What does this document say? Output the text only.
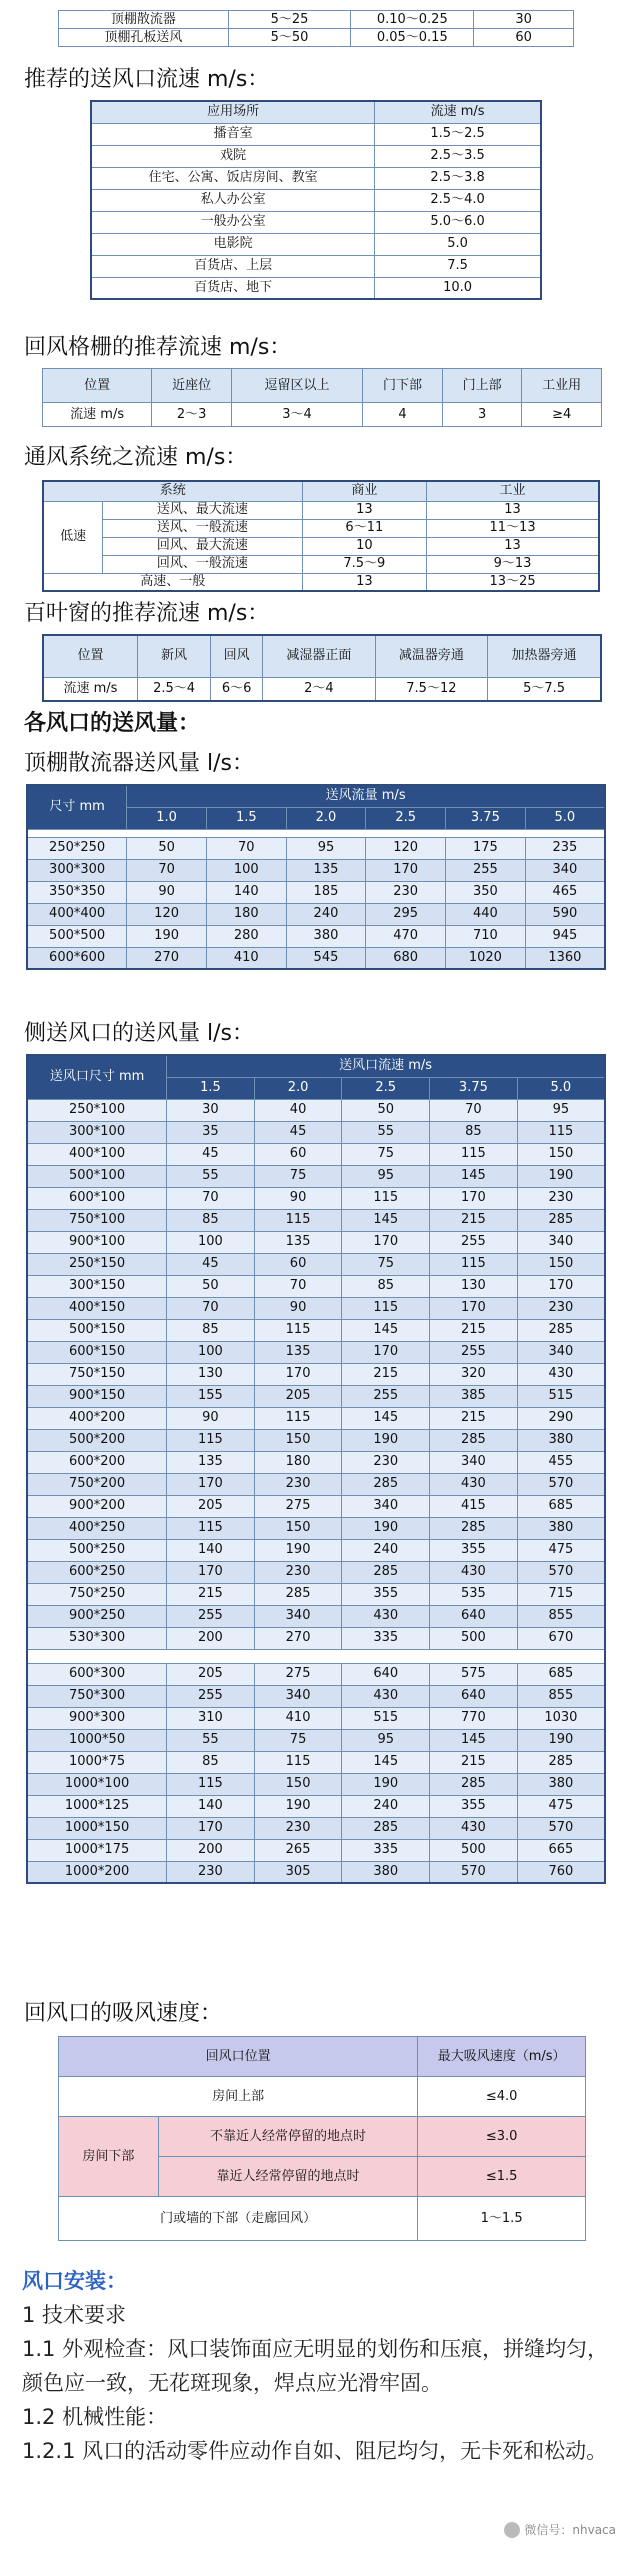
顶棚散流器	5～25	0.10～0.25	30
顶棚孔板送风	5～50	0.05～0.15	60
推荐的送风口流速 m/s：
应用场所	流速 m/s
播音室	1.5～2.5
戏院	2.5～3.5
住宅、公寓、饭店房间、教室	2.5～3.8
私人办公室	2.5～4.0
一般办公室	5.0～6.0
电影院	5.0
百货店、上层	7.5
百货店、地下	10.0
回风格栅的推荐流速 m/s：
位置	近座位	逗留区以上	门下部	门上部	工业用
流速 m/s	2～3	3～4	4	3	≥4
通风系统之流速 m/s：
系统		商业	工业
低速	送风、最大流速	13	13
	送风、一般流速	6～11	11～13
	回风、最大流速	10	13
	回风、一般流速	7.5～9	9～13
高速、一般		13	13～25
百叶窗的推荐流速 m/s：
位置	新风	回风	减湿器正面	减温器旁通	加热器旁通
流速 m/s	2.5～4	6～6	2～4	7.5～12	5～7.5
各风口的送风量：
顶棚散流器送风量 l/s：
尺寸 mm	送风流量 m/s					
	1.0	1.5	2.0	2.5	3.75	5.0

250*250	50	70	95	120	175	235
300*300	70	100	135	170	255	340
350*350	90	140	185	230	350	465
400*400	120	180	240	295	440	590
500*500	190	280	380	470	710	945
600*600	270	410	545	680	1020	1360
侧送风口的送风量 l/s：
送风口尺寸 mm	送风口流速 m/s				
	1.5	2.0	2.5	3.75	5.0
250*100	30	40	50	70	95
300*100	35	45	55	85	115
400*100	45	60	75	115	150
500*100	55	75	95	145	190
600*100	70	90	115	170	230
750*100	85	115	145	215	285
900*100	100	135	170	255	340
250*150	45	60	75	115	150
300*150	50	70	85	130	170
400*150	70	90	115	170	230
500*150	85	115	145	215	285
600*150	100	135	170	255	340
750*150	130	170	215	320	430
900*150	155	205	255	385	515
400*200	90	115	145	215	290
500*200	115	150	190	285	380
600*200	135	180	230	340	455
750*200	170	230	285	430	570
900*200	205	275	340	415	685
400*250	115	150	190	285	380
500*250	140	190	240	355	475
600*250	170	230	285	430	570
750*250	215	285	355	535	715
900*250	255	340	430	640	855
530*300	200	270	335	500	670

600*300	205	275	640	575	685
750*300	255	340	430	640	855
900*300	310	410	515	770	1030
1000*50	55	75	95	145	190
1000*75	85	115	145	215	285
1000*100	115	150	190	285	380
1000*125	140	190	240	355	475
1000*150	170	230	285	430	570
1000*175	200	265	335	500	665
1000*200	230	305	380	570	760
回风口的吸风速度：
回风口位置		最大吸风速度（m/s）
房间上部		≤4.0
房间下部	不靠近人经常停留的地点时	≤3.0
	靠近人经常停留的地点时	≤1.5
门或墙的下部（走廊回风）		1～1.5
风口安装：
1 技术要求
1.1 外观检查：风口装饰面应无明显的划伤和压痕，拼缝均匀，颜色应一致，无花斑现象，焊点应光滑牢固。
1.2 机械性能：
1.2.1 风口的活动零件应动作自如、阻尼均匀，无卡死和松动。
微信号：nhvaca
